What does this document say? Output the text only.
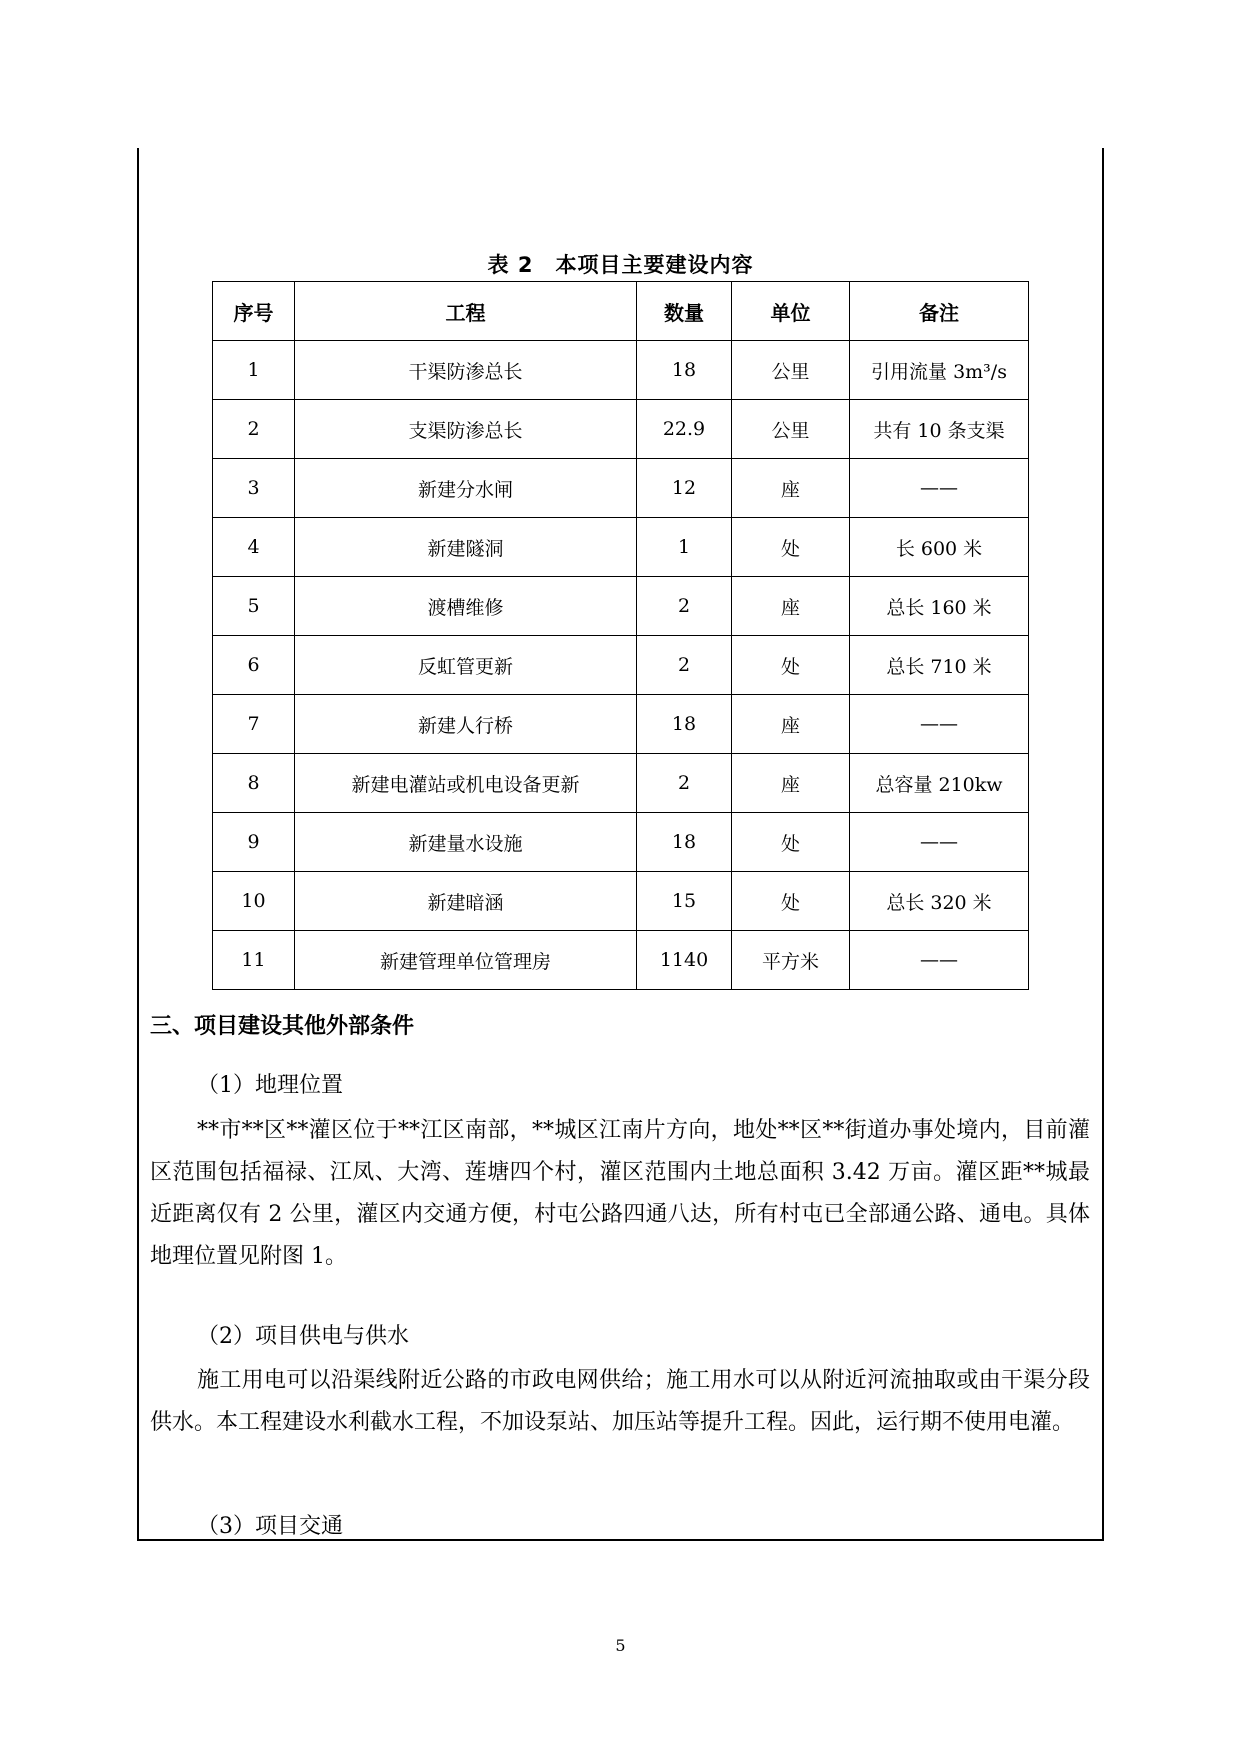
表 2　本项目主要建设内容
序号	工程	数量	单位	备注
1	干渠防渗总长	18	公里	引用流量 3m³/s
2	支渠防渗总长	22.9	公里	共有 10 条支渠
3	新建分水闸	12	座	——
4	新建隧洞	1	处	长 600 米
5	渡槽维修	2	座	总长 160 米
6	反虹管更新	2	处	总长 710 米
7	新建人行桥	18	座	——
8	新建电灌站或机电设备更新	2	座	总容量 210kw
9	新建量水设施	18	处	——
10	新建暗涵	15	处	总长 320 米
11	新建管理单位管理房	1140	平方米	——
三、项目建设其他外部条件
（1）地理位置
**市**区**灌区位于**江区南部，**城区江南片方向，地处**区**街道办事处境内，目前灌区范围包括福禄、江凤、大湾、莲塘四个村，灌区范围内土地总面积 3.42 万亩。灌区距**城最近距离仅有 2 公里，灌区内交通方便，村屯公路四通八达，所有村屯已全部通公路、通电。具体地理位置见附图 1。
（2）项目供电与供水
施工用电可以沿渠线附近公路的市政电网供给；施工用水可以从附近河流抽取或由干渠分段供水。本工程建设水利截水工程，不加设泵站、加压站等提升工程。因此，运行期不使用电灌。
（3）项目交通
5
